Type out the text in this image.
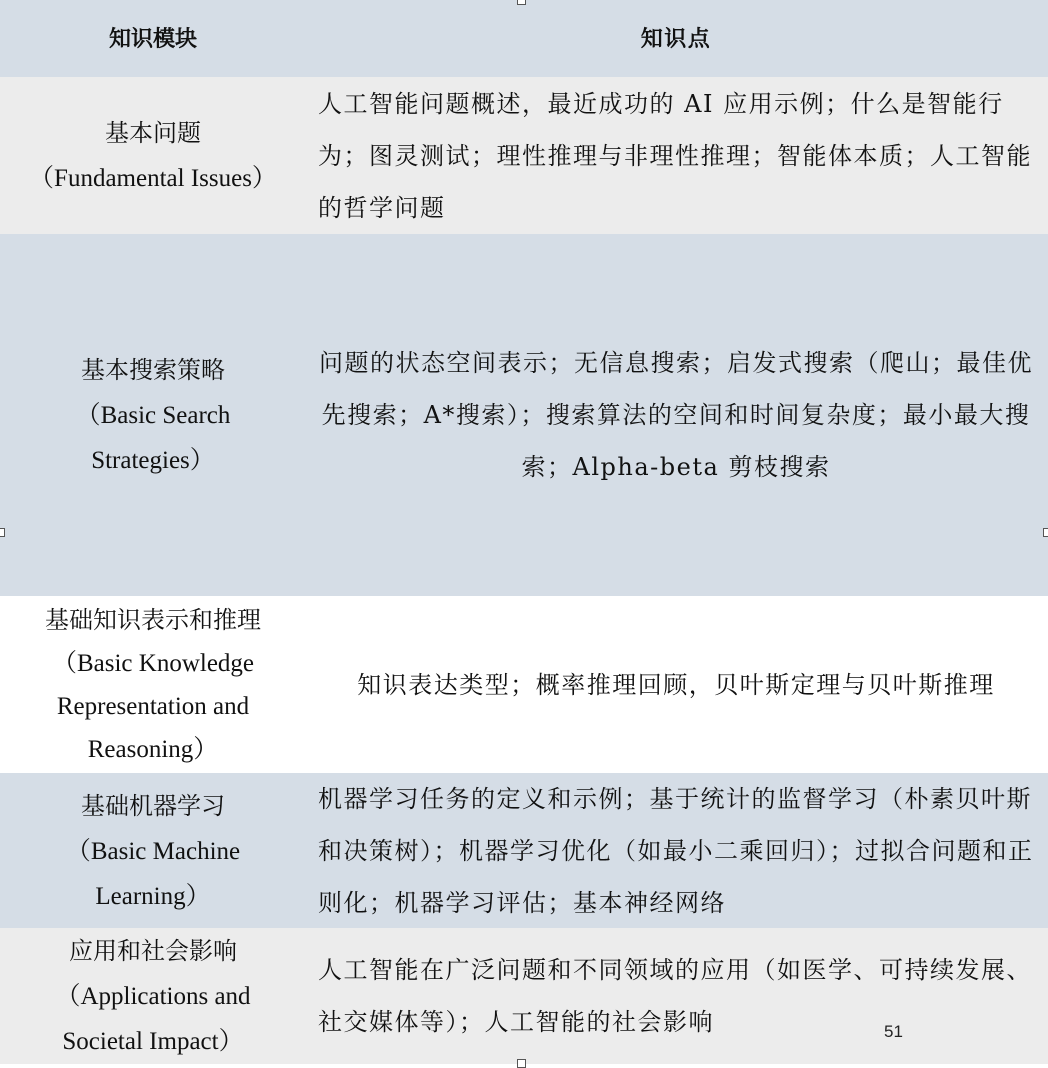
知识模块	知识点
基本问题
（Fundamental Issues）
人工智能问题概述，最近成功的 AI 应用示例；什么是智能行为；图灵测试；理性推理与非理性推理；智能体本质；人工智能的哲学问题
基本搜索策略
（Basic Search
Strategies）
问题的状态空间表示；无信息搜索；启发式搜索（爬山；最佳优先搜索；A*搜索）；搜索算法的空间和时间复杂度；最小最大搜索；Alpha-beta 剪枝搜索
基础知识表示和推理
（Basic Knowledge
Representation and
Reasoning）
知识表达类型；概率推理回顾，贝叶斯定理与贝叶斯推理
基础机器学习
（Basic Machine
Learning）
机器学习任务的定义和示例；基于统计的监督学习（朴素贝叶斯和决策树）；机器学习优化（如最小二乘回归）；过拟合问题和正则化；机器学习评估；基本神经网络
应用和社会影响
（Applications and
Societal Impact）
人工智能在广泛问题和不同领域的应用（如医学、可持续发展、社交媒体等）；人工智能的社会影响	51
